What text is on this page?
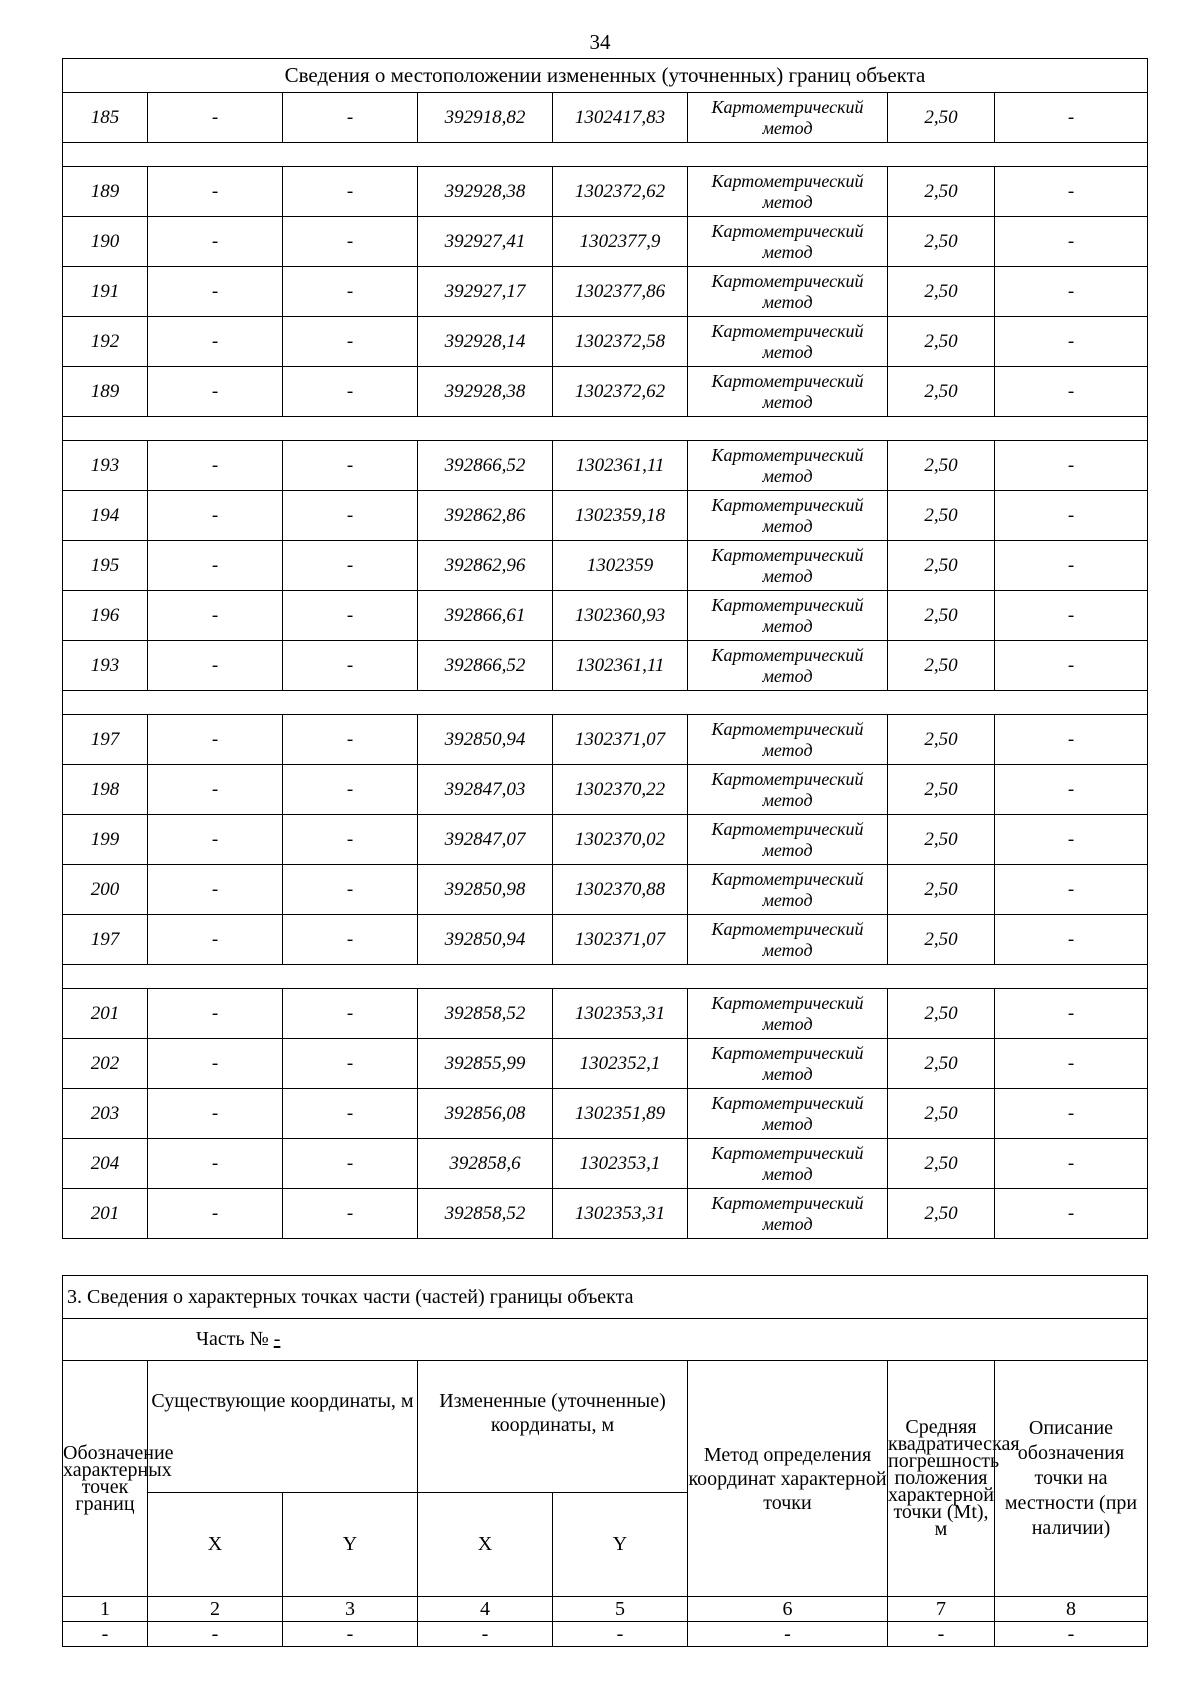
34
Сведения о местоположении измененных (уточненных) границ объекта							
185	-	-	392918,82	1302417,83	Картометрический метод	2,50	-

189	-	-	392928,38	1302372,62	Картометрический метод	2,50	-
190	-	-	392927,41	1302377,9	Картометрический метод	2,50	-
191	-	-	392927,17	1302377,86	Картометрический метод	2,50	-
192	-	-	392928,14	1302372,58	Картометрический метод	2,50	-
189	-	-	392928,38	1302372,62	Картометрический метод	2,50	-

193	-	-	392866,52	1302361,11	Картометрический метод	2,50	-
194	-	-	392862,86	1302359,18	Картометрический метод	2,50	-
195	-	-	392862,96	1302359	Картометрический метод	2,50	-
196	-	-	392866,61	1302360,93	Картометрический метод	2,50	-
193	-	-	392866,52	1302361,11	Картометрический метод	2,50	-

197	-	-	392850,94	1302371,07	Картометрический метод	2,50	-
198	-	-	392847,03	1302370,22	Картометрический метод	2,50	-
199	-	-	392847,07	1302370,02	Картометрический метод	2,50	-
200	-	-	392850,98	1302370,88	Картометрический метод	2,50	-
197	-	-	392850,94	1302371,07	Картометрический метод	2,50	-

201	-	-	392858,52	1302353,31	Картометрический метод	2,50	-
202	-	-	392855,99	1302352,1	Картометрический метод	2,50	-
203	-	-	392856,08	1302351,89	Картометрический метод	2,50	-
204	-	-	392858,6	1302353,1	Картометрический метод	2,50	-
201	-	-	392858,52	1302353,31	Картометрический метод	2,50	-
3. Сведения о характерных точках части (частей) границы объекта							
Часть № -							
Обозначение характерных точек границ	Существующие координаты, м		Измененные (уточненные) координаты, м		Метод определения координат характерной точки	Средняя квадратическая погрешность положения характерной точки (Mt), м	Описание обозначения точки на местности (при наличии)
	X	Y	X	Y			
1	2	3	4	5	6	7	8
-	-	-	-	-	-	-	-
